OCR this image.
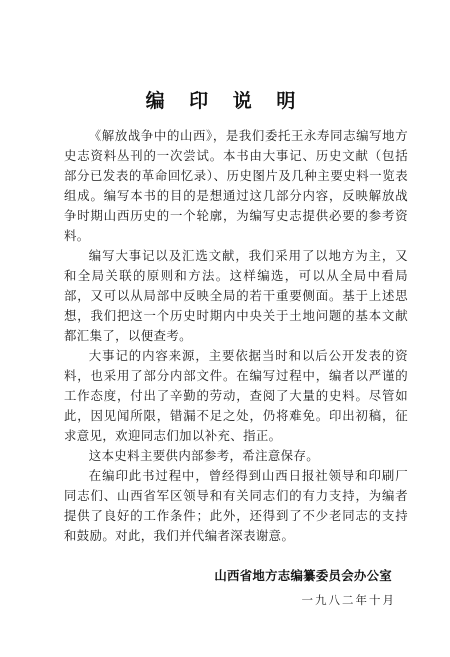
编 印 说 明

《解放战争中的山西》，是我们委托王永寿同志编写地方史志资料丛刊的一次尝试。本书由大事记、历史文献（包括部分已发表的革命回忆录）、历史图片及几种主要史料一览表组成。编写本书的目的是想通过这几部分内容，反映解放战争时期山西历史的一个轮廓，为编写史志提供必要的参考资料。

编写大事记以及汇选文献，我们采用了以地方为主，又和全局关联的原则和方法。这样编选，可以从全局中看局部，又可以从局部中反映全局的若干重要侧面。基于上述思想，我们把这一个历史时期内中央关于土地问题的基本文献都汇集了，以便查考。

大事记的内容来源，主要依据当时和以后公开发表的资料，也采用了部分内部文件。在编写过程中，编者以严谨的工作态度，付出了辛勤的劳动，查阅了大量的史料。尽管如此，因见闻所限，错漏不足之处，仍将难免。印出初稿，征求意见，欢迎同志们加以补充、指正。

这本史料主要供内部参考，希注意保存。

在编印此书过程中，曾经得到山西日报社领导和印刷厂同志们、山西省军区领导和有关同志们的有力支持，为编者提供了良好的工作条件；此外，还得到了不少老同志的支持和鼓励。对此，我们并代编者深表谢意。

山西省地方志编纂委员会办公室
一九八二年十月
